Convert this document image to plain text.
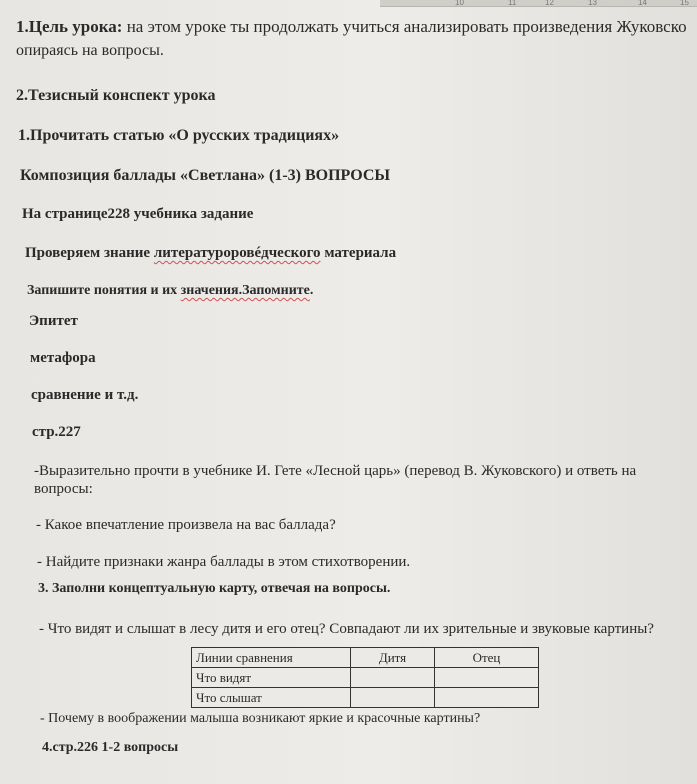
10	11	12	13	14	15
1.Цель урока: на этом уроке ты продолжать учиться анализировать произведения Жуковско
опираясь на вопросы.
2.Тезисный конспект урока
1.Прочитать статью «О русских традициях»
Композиция баллады «Светлана» (1-3) ВОПРОСЫ
На странице228 учебника задание
Проверяем знание литературоровéдческого материала
Запишите понятия и их значения.Запомните.
Эпитет
метафора
сравнение и т.д.
стр.227
-Выразительно прочти в учебнике И. Гете «Лесной царь» (перевод В. Жуковского) и ответь на
вопросы:
- Какое впечатление произвела на вас баллада?
- Найдите признаки жанра баллады в этом стихотворении.
3. Заполни концептуальную карту, отвечая на вопросы.
- Что видят и слышат в лесу дитя и его отец? Совпадают ли их зрительные и звуковые картины?
Линии сравнения	Дитя	Отец
Что видят		
Что слышат		
- Почему в воображении малыша возникают яркие и красочные картины?
4.стр.226 1-2 вопросы
